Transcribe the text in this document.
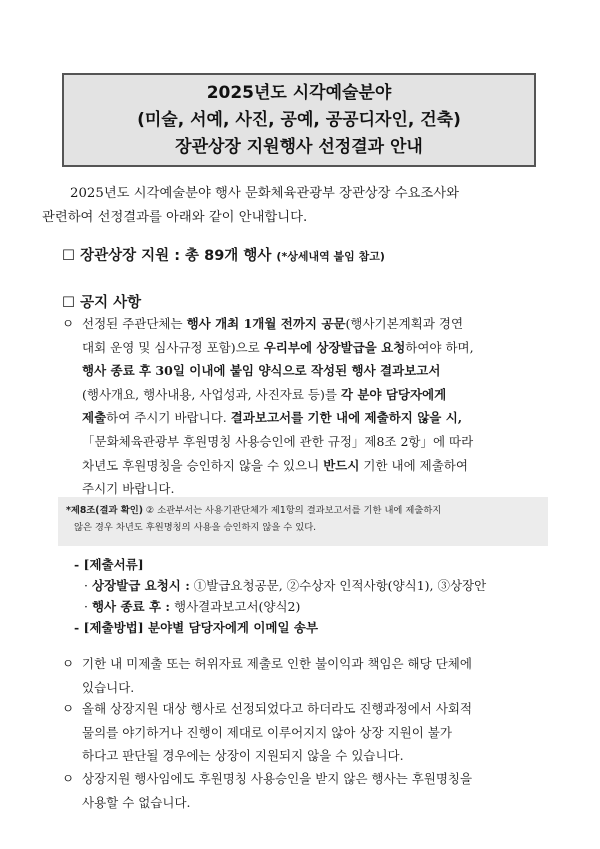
2025년도 시각예술분야
(미술, 서예, 사진, 공예, 공공디자인, 건축)
장관상장 지원행사 선정결과 안내

2025년도 시각예술분야 행사 문화체육관광부 장관상장 수요조사와
관련하여 선정결과를 아래와 같이 안내합니다.

☐ 장관상장 지원 : 총 89개 행사 (*상세내역 붙임 참고)
☐ 공지 사항
ㅇ 선정된 주관단체는 행사 개최 1개월 전까지 공문(행사기본계획과 경연
대회 운영 및 심사규정 포함)으로 우리부에 상장발급을 요청하여야 하며,
행사 종료 후 30일 이내에 붙임 양식으로 작성된 행사 결과보고서
(행사개요, 행사내용, 사업성과, 사진자료 등)를 각 분야 담당자에게
제출하여 주시기 바랍니다. 결과보고서를 기한 내에 제출하지 않을 시,
「문화체육관광부 후원명칭 사용승인에 관한 규정」제8조 2항」에 따라
차년도 후원명칭을 승인하지 않을 수 있으니 반드시 기한 내에 제출하여
주시기 바랍니다.
*제8조(결과 확인) ② 소관부서는 사용기관단체가 제1항의 결과보고서를 기한 내에 제출하지
않은 경우 차년도 후원명칭의 사용을 승인하지 않을 수 있다.
- [제출서류]
· 상장발급 요청시 : ①발급요청공문, ②수상자 인적사항(양식1), ③상장안
· 행사 종료 후 : 행사결과보고서(양식2)
- [제출방법] 분야별 담당자에게 이메일 송부
ㅇ 기한 내 미제출 또는 허위자료 제출로 인한 불이익과 책임은 해당 단체에
있습니다.
ㅇ 올해 상장지원 대상 행사로 선정되었다고 하더라도 진행과정에서 사회적
물의를 야기하거나 진행이 제대로 이루어지지 않아 상장 지원이 불가
하다고 판단될 경우에는 상장이 지원되지 않을 수 있습니다.
ㅇ 상장지원 행사임에도 후원명칭 사용승인을 받지 않은 행사는 후원명칭을
사용할 수 없습니다.
